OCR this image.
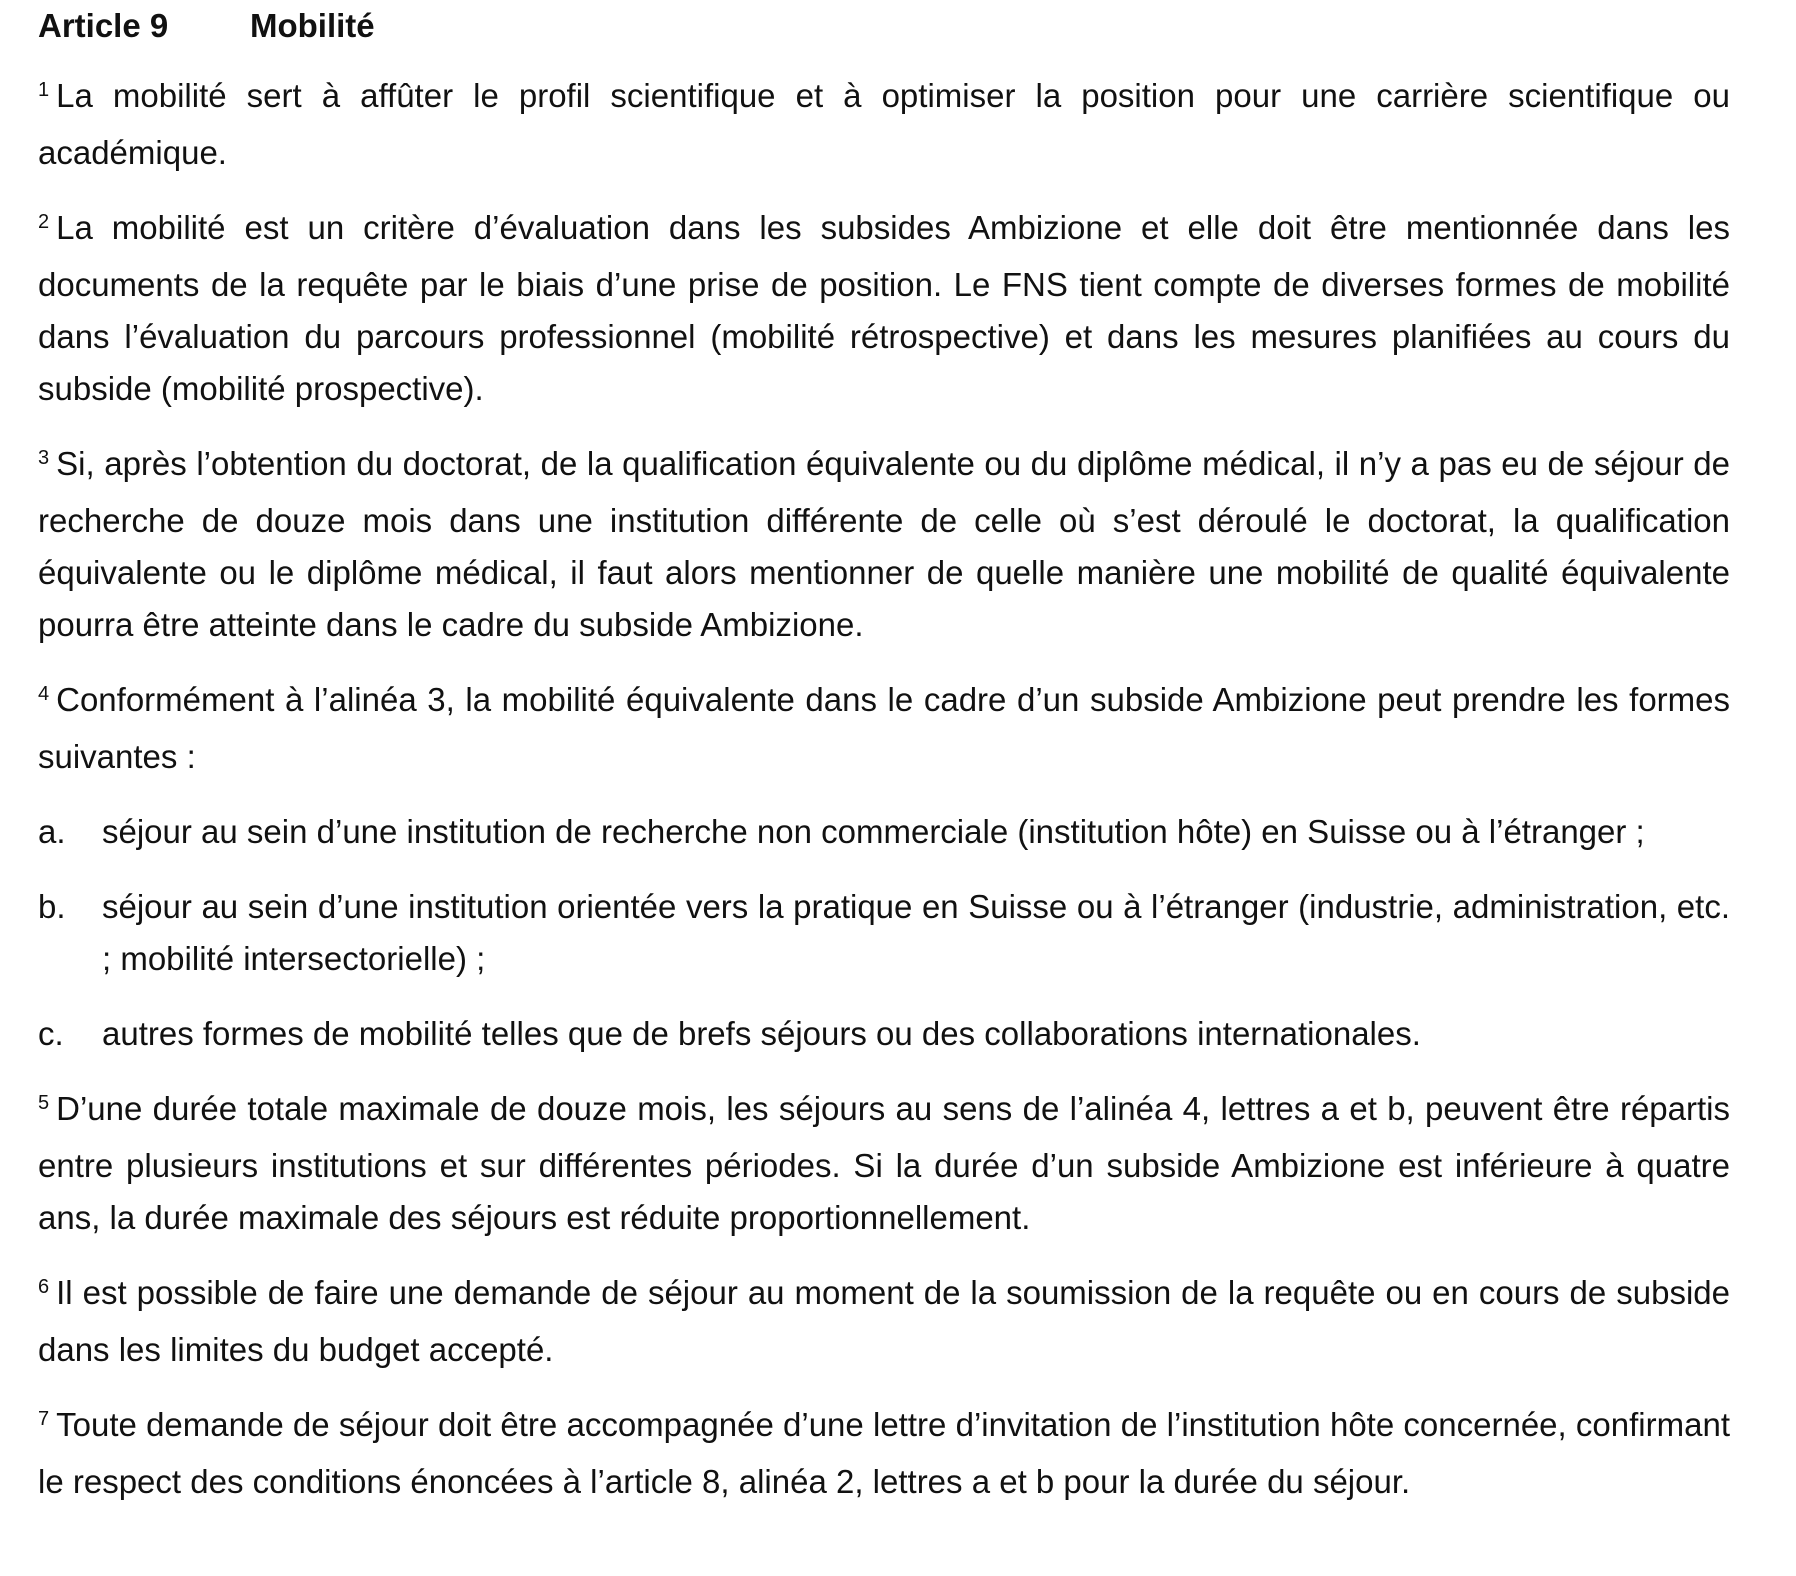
Article 9	Mobilité

$^1$ La mobilité sert à affûter le profil scientifique et à optimiser la position pour une carrière scientifique ou académique.

$^2$ La mobilité est un critère d’évaluation dans les subsides Ambizione et elle doit être mentionnée dans les documents de la requête par le biais d’une prise de position. Le FNS tient compte de diverses formes de mobilité dans l’évaluation du parcours professionnel (mobilité rétrospective) et dans les mesures planifiées au cours du subside (mobilité prospective).

$^3$ Si, après l’obtention du doctorat, de la qualification équivalente ou du diplôme médical, il n’y a pas eu de séjour de recherche de douze mois dans une institution différente de celle où s’est déroulé le doctorat, la qualification équivalente ou le diplôme médical, il faut alors mentionner de quelle manière une mobilité de qualité équivalente pourra être atteinte dans le cadre du subside Ambizione.

$^4$ Conformément à l’alinéa 3, la mobilité équivalente dans le cadre d’un subside Ambizione peut prendre les formes suivantes :

a.	séjour au sein d’une institution de recherche non commerciale (institution hôte) en Suisse ou à l’étranger ;
b.	séjour au sein d’une institution orientée vers la pratique en Suisse ou à l’étranger (industrie, administration, etc. ; mobilité intersectorielle) ;
c.	autres formes de mobilité telles que de brefs séjours ou des collaborations internationales.

$^5$ D’une durée totale maximale de douze mois, les séjours au sens de l’alinéa 4, lettres a et b, peuvent être répartis entre plusieurs institutions et sur différentes périodes. Si la durée d’un subside Ambizione est inférieure à quatre ans, la durée maximale des séjours est réduite proportionnellement.

$^6$ Il est possible de faire une demande de séjour au moment de la soumission de la requête ou en cours de subside dans les limites du budget accepté.

$^7$ Toute demande de séjour doit être accompagnée d’une lettre d’invitation de l’institution hôte concernée, confirmant le respect des conditions énoncées à l’article 8, alinéa 2, lettres a et b pour la durée du séjour.
